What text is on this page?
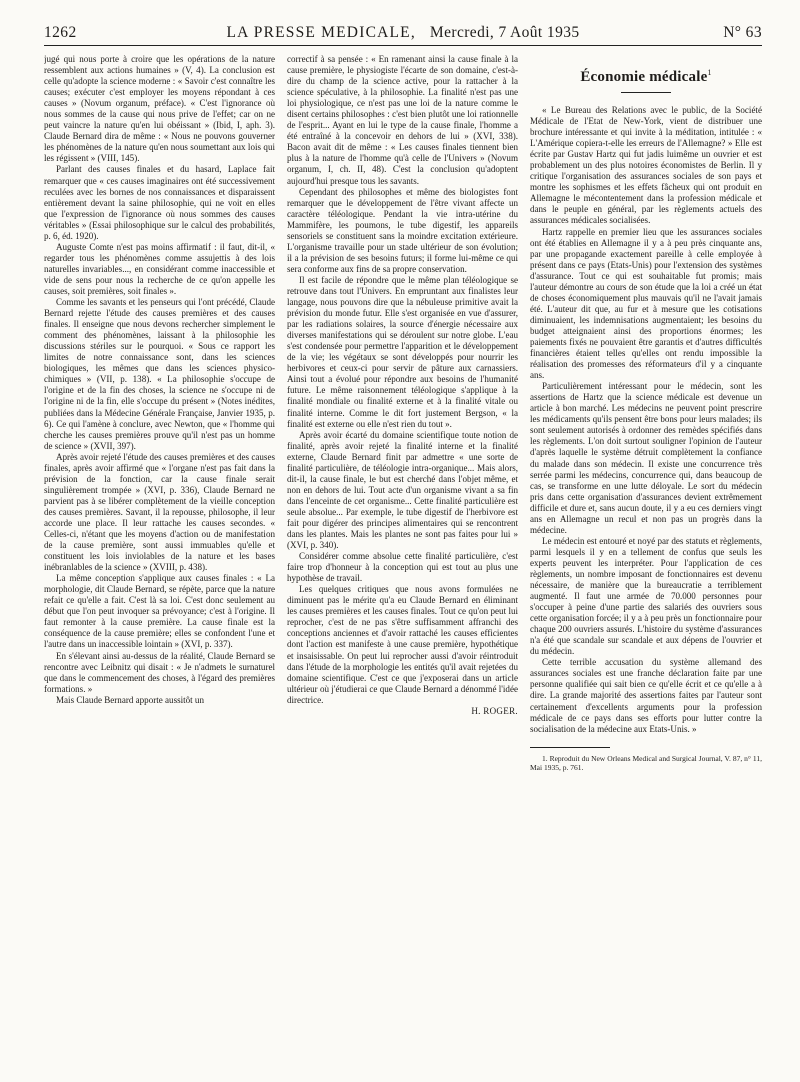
1262	LA PRESSE MEDICALE, Mercredi, 7 Août 1935	N° 63

jugé qui nous porte à croire que les opérations de la nature ressemblent aux actions humaines » (V, 4). La conclusion est celle qu'adopte la science moderne : « Savoir c'est connaître les causes; exécuter c'est employer les moyens répondant à ces causes » (Novum organum, préface). « C'est l'ignorance où nous sommes de la cause qui nous prive de l'effet; car on ne peut vaincre la nature qu'en lui obéissant » (Ibid, I, aph. 3). Claude Bernard dira de même : « Nous ne pouvons gouverner les phénomènes de la nature qu'en nous soumettant aux lois qui les régissent » (VIII, 145).

Parlant des causes finales et du hasard, Laplace fait remarquer que « ces causes imaginaires ont été successivement reculées avec les bornes de nos connaissances et disparaissent entièrement devant la saine philosophie, qui ne voit en elles que l'expression de l'ignorance où nous sommes des causes véritables » (Essai philosophique sur le calcul des probabilités, p. 6, éd. 1920).

Auguste Comte n'est pas moins affirmatif : il faut, dit-il, « regarder tous les phénomènes comme assujettis à des lois naturelles invariables..., en considérant comme inaccessible et vide de sens pour nous la recherche de ce qu'on appelle les causes, soit premières, soit finales ».

Comme les savants et les penseurs qui l'ont précédé, Claude Bernard rejette l'étude des causes premières et des causes finales. Il enseigne que nous devons rechercher simplement le comment des phénomènes, laissant à la philosophie les discussions stériles sur le pourquoi. « Sous ce rapport les limites de notre connaissance sont, dans les sciences biologiques, les mêmes que dans les sciences physico-chimiques » (VII, p. 138). « La philosophie s'occupe de l'origine et de la fin des choses, la science ne s'occupe ni de l'origine ni de la fin, elle s'occupe du présent » (Notes inédites, publiées dans la Médecine Générale Française, Janvier 1935, p. 6). Ce qui l'amène à conclure, avec Newton, que « l'homme qui cherche les causes premières prouve qu'il n'est pas un homme de science » (XVII, 397).

Après avoir rejeté l'étude des causes premières et des causes finales, après avoir affirmé que « l'organe n'est pas fait dans la prévision de la fonction, car la cause finale serait singulièrement trompée » (XVI, p. 336), Claude Bernard ne parvient pas à se libérer complètement de la vieille conception des causes premières. Savant, il la repousse, philosophe, il leur accorde une place. Il leur rattache les causes secondes. « Celles-ci, n'étant que les moyens d'action ou de manifestation de la cause première, sont aussi immuables qu'elle et constituent les lois inviolables de la nature et les bases inébranlables de la science » (XVIII, p. 438).

La même conception s'applique aux causes finales : « La morphologie, dit Claude Bernard, se répète, parce que la nature refait ce qu'elle a fait. C'est là sa loi. C'est donc seulement au début que l'on peut invoquer sa prévoyance; c'est à l'origine. Il faut remonter à la cause première. La cause finale est la conséquence de la cause première; elles se confondent l'une et l'autre dans un inaccessible lointain » (XVI, p. 337).

En s'élevant ainsi au-dessus de la réalité, Claude Bernard se rencontre avec Leibnitz qui disait : « Je n'admets le surnaturel que dans le commencement des choses, à l'égard des premières formations. »

Mais Claude Bernard apporte aussitôt un

correctif à sa pensée : « En ramenant ainsi la cause finale à la cause première, le physiogiste l'écarte de son domaine, c'est-à-dire du champ de la science active, pour la rattacher à la science spéculative, à la philosophie. La finalité n'est pas une loi physiologique, ce n'est pas une loi de la nature comme le disent certains philosophes : c'est bien plutôt une loi rationnelle de l'esprit... Ayant en lui le type de la cause finale, l'homme a été entraîné à la concevoir en dehors de lui » (XVI, 338). Bacon avait dit de même : « Les causes finales tiennent bien plus à la nature de l'homme qu'à celle de l'Univers » (Novum organum, I, ch. II, 48). C'est la conclusion qu'adoptent aujourd'hui presque tous les savants.

Cependant des philosophes et même des biologistes font remarquer que le développement de l'être vivant affecte un caractère téléologique. Pendant la vie intra-utérine du Mammifère, les poumons, le tube digestif, les appareils sensoriels se constituent sans la moindre excitation extérieure. L'organisme travaille pour un stade ultérieur de son évolution; il a la prévision de ses besoins futurs; il forme lui-même ce qui sera conforme aux fins de sa propre conservation.

Il est facile de répondre que le même plan téléologique se retrouve dans tout l'Univers. En empruntant aux finalistes leur langage, nous pouvons dire que la nébuleuse primitive avait la prévision du monde futur. Elle s'est organisée en vue d'assurer, par les radiations solaires, la source d'énergie nécessaire aux diverses manifestations qui se déroulent sur notre globe. L'eau s'est condensée pour permettre l'apparition et le développement de la vie; les végétaux se sont développés pour nourrir les herbivores et ceux-ci pour servir de pâture aux carnassiers. Ainsi tout a évolué pour répondre aux besoins de l'humanité future. Le même raisonnement téléologique s'applique à la finalité mondiale ou finalité externe et à la finalité vitale ou finalité interne. Comme le dit fort justement Bergson, « la finalité est externe ou elle n'est rien du tout ».

Après avoir écarté du domaine scientifique toute notion de finalité, après avoir rejeté la finalité interne et la finalité externe, Claude Bernard finit par admettre « une sorte de finalité particulière, de téléologie intra-organique... Mais alors, dit-il, la cause finale, le but est cherché dans l'objet même, et non en dehors de lui. Tout acte d'un organisme vivant a sa fin dans l'enceinte de cet organisme... Cette finalité particulière est seule absolue... Par exemple, le tube digestif de l'herbivore est fait pour digérer des principes alimentaires qui se rencontrent dans les plantes. Mais les plantes ne sont pas faites pour lui » (XVI, p. 340).

Considérer comme absolue cette finalité particulière, c'est faire trop d'honneur à la conception qui est tout au plus une hypothèse de travail.

Les quelques critiques que nous avons formulées ne diminuent pas le mérite qu'a eu Claude Bernard en éliminant les causes premières et les causes finales. Tout ce qu'on peut lui reprocher, c'est de ne pas s'être suffisamment affranchi des conceptions anciennes et d'avoir rattaché les causes efficientes dont l'action est manifeste à une cause première, hypothétique et insaisissable. On peut lui reprocher aussi d'avoir réintroduit dans l'étude de la morphologie les entités qu'il avait rejetées du domaine scientifique. C'est ce que j'exposerai dans un article ultérieur où j'étudierai ce que Claude Bernard a dénommé l'idée directrice.

H. ROGER.

Économie médicale$^1$

« Le Bureau des Relations avec le public, de la Société Médicale de l'Etat de New-York, vient de distribuer une brochure intéressante et qui invite à la méditation, intitulée : « L'Amérique copiera-t-elle les erreurs de l'Allemagne? » Elle est écrite par Gustav Hartz qui fut jadis luimême un ouvrier et est probablement un des plus notoires économistes de Berlin. Il y critique l'organisation des assurances sociales de son pays et montre les sophismes et les effets fâcheux qui ont produit en Allemagne le mécontentement dans la profession médicale et dans le peuple en général, par les règlements actuels des assurances médicales socialisées.

Hartz rappelle en premier lieu que les assurances sociales ont été établies en Allemagne il y a à peu près cinquante ans, par une propagande exactement pareille à celle employée à présent dans ce pays (Etats-Unis) pour l'extension des systèmes d'assurance. Tout ce qui est souhaitable fut promis; mais l'auteur démontre au cours de son étude que la loi a créé un état de choses économiquement plus mauvais qu'il ne l'avait jamais été. L'auteur dit que, au fur et à mesure que les cotisations diminuaient, les indemnisations augmentaient; les besoins du budget atteignaient ainsi des proportions énormes; les paiements fixés ne pouvaient être garantis et d'autres difficultés financières étaient telles qu'elles ont rendu impossible la réalisation des promesses des réformateurs d'il y a cinquante ans.

Particulièrement intéressant pour le médecin, sont les assertions de Hartz que la science médicale est devenue un article à bon marché. Les médecins ne peuvent point prescrire les médicaments qu'ils pensent être bons pour leurs malades; ils sont seulement autorisés à ordonner des remèdes spécifiés dans les règlements. L'on doit surtout souligner l'opinion de l'auteur d'après laquelle le système détruit complètement la confiance du malade dans son médecin. Il existe une concurrence très serrée parmi les médecins, concurrence qui, dans beaucoup de cas, se transforme en une lutte déloyale. Le sort du médecin pris dans cette organisation d'assurances devient extrêmement difficile et dure et, sans aucun doute, il y a eu ces derniers vingt ans en Allemagne un recul et non pas un progrès dans la médecine.

Le médecin est entouré et noyé par des statuts et règlements, parmi lesquels il y en a tellement de confus que seuls les experts peuvent les interpréter. Pour l'application de ces règlements, un nombre imposant de fonctionnaires est devenu nécessaire, de manière que la bureaucratie a terriblement augmenté. Il faut une armée de 70.000 personnes pour s'occuper à peine d'une partie des salariés des ouvriers sous cette organisation forcée; il y a à peu près un fonctionnaire pour chaque 200 ouvriers assurés. L'histoire du système d'assurances n'a été que scandale sur scandale et aux dépens de l'ouvrier et du médecin.

Cette terrible accusation du système allemand des assurances sociales est une franche déclaration faite par une personne qualifiée qui sait bien ce qu'elle écrit et ce qu'elle a à dire. La grande majorité des assertions faites par l'auteur sont certainement d'excellents arguments pour la profession médicale de ce pays dans ses efforts pour lutter contre la socialisation de la médecine aux Etats-Unis. »

1. Reproduit du New Orleans Medical and Surgical Journal, V. 87, n° 11, Mai 1935, p. 761.
